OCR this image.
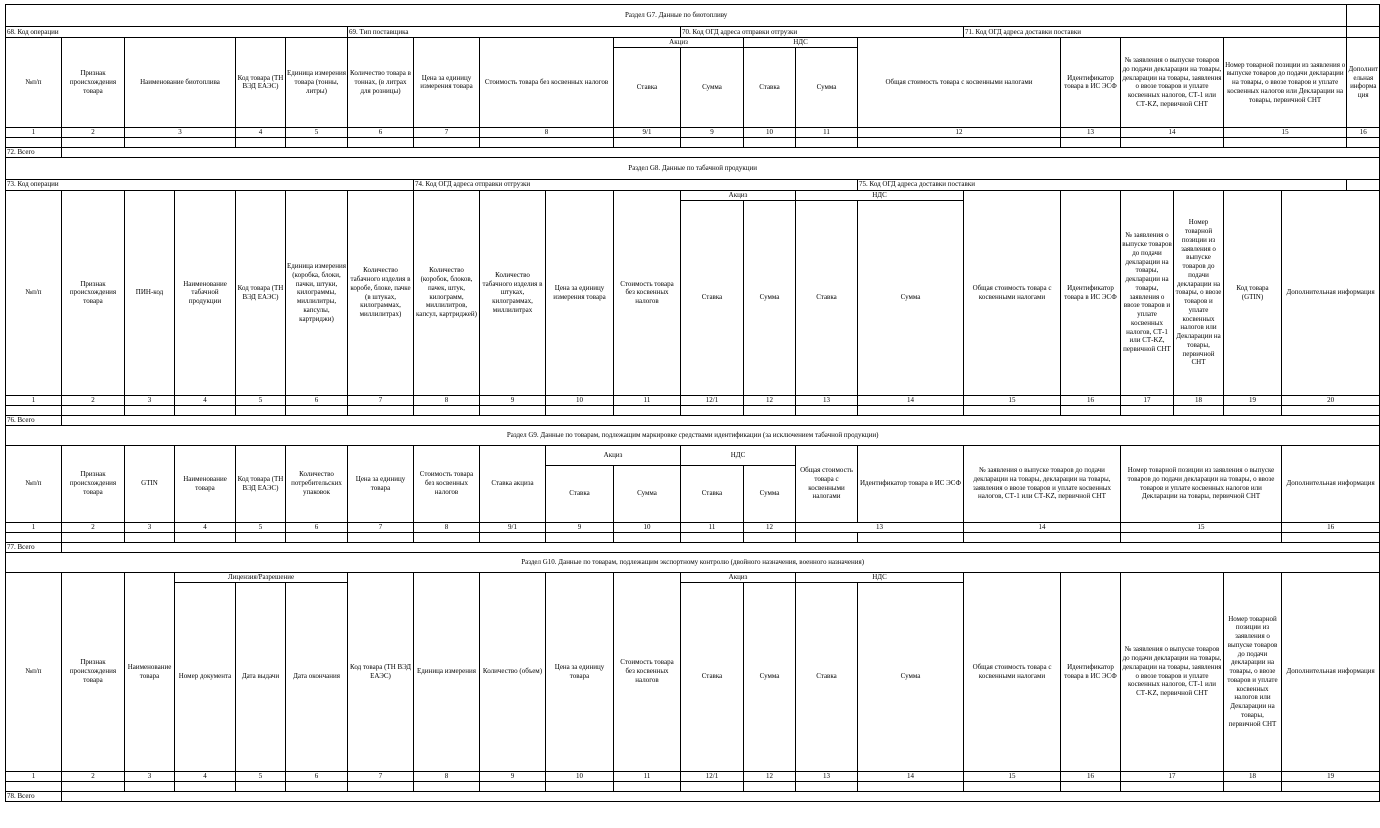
Раздел G7. Данные по биотопливу																					
68. Код операции						69. Тип поставщика					70. Код ОГД адреса отправки отгрузки				71. Код ОГД адреса доставки поставки						
№п/п	Признак происхождения товара	Наименование биотоплива		Код товара (ТН ВЭД ЕАЭС)	Единица измерения товара (тонны, литры)	Количество товара в тоннах, (в литрах для розницы)	Цена за единицу измерения товара	Стоимость товара без косвенных налогов		Акциз		НДС		Общая стоимость товара с косвенными налогами		Идентификатор товара в ИС ЭСФ	№ заявления о выпуске товаров до подачи декларации на товары, декларации на товары, заявления о ввозе товаров и уплате косвенных налогов, СТ-1 или СТ-KZ, первичной СНТ		Номер товарной позиции из заявления о выпуске товаров до подачи декларации на товары, о ввозе товаров и уплате косвенных налогов или Декларации на товары, первичной СНТ		Дополнительная информация
										Ставка	Сумма	Ставка	Сумма								
1	2	3		4	5	6	7	8		9/1	9	10	11	12		13	14		15		16

72. Всего																					
Раздел G8. Данные по табачной продукции																					
73. Код операции							74. Код ОГД адреса отправки отгрузки							75. Код ОГД адреса доставки поставки							
№п/п	Признак происхождения товара	ПИН-код	Наименование табачной продукции	Код товара (ТН ВЭД ЕАЭС)	Единица измерения (коробка, блоки, пачки, штуки, килограммы, миллилитры, капсулы, картриджи)	Количество табачного изделия в коробе, блоке, пачке (в штуках, килограммах, миллилитрах)	Количество (коробок, блоков, пачек, штук, килограмм, миллилитров, капсул, картриджей)	Количество табачного изделия в штуках, килограммах, миллилитрах	Цена за единицу измерения товара	Стоимость товара без косвенных налогов	Акциз		НДС		Общая стоимость товара с косвенными налогами	Идентификатор товара в ИС ЭСФ	№ заявления о выпуске товаров до подачи декларации на товары, декларации на товары, заявления о ввозе товаров и уплате косвенных налогов, СТ-1 или СТ-KZ, первичной СНТ	Номер товарной позиции из заявления о выпуске товаров до подачи декларации на товары, о ввозе товаров и уплате косвенных налогов или Декларации на товары, первичной СНТ	Код товара (GTIN)	Дополнительная информация	
											Ставка	Сумма	Ставка	Сумма							
1	2	3	4	5	6	7	8	9	10	11	12/1	12	13	14	15	16	17	18	19	20	

76. Всего																					
Раздел G9. Данные по товарам, подлежащим маркировке средствами идентификации (за исключением табачной продукции)																					
№п/п	Признак происхождения товара	GTIN	Наименование товара	Код товара (ТН ВЭД ЕАЭС)	Количество потребительских упаковок	Цена за единицу товара	Стоимость товара без косвенных налогов	Ставка акциза	Акциз		НДС		Общая стоимость товара с косвенными налогами	Идентификатор товара в ИС ЭСФ	№ заявления о выпуске товаров до подачи декларации на товары, декларации на товары, заявления о ввозе товаров и уплате косвенных налогов, СТ-1 или СТ-KZ, первичной СНТ		Номер товарной позиции из заявления о выпуске товаров до подачи декларации на товары, о ввозе товаров и уплате косвенных налогов или Декларации на товары, первичной СНТ			Дополнительная информация	
									Ставка	Сумма	Ставка	Сумма									
1	2	3	4	5	6	7	8	9/1	9	10	11	12	13		14		15			16	

77. Всего																					
Раздел G10. Данные по товарам, подлежащим экспортному контролю (двойного назначения, военного назначения)																					
№п/п	Признак происхождения товара	Наименование товара	Лицензия/Разрешение			Код товара (ТН ВЭД ЕАЭС)	Единица измерения	Количество (объем)	Цена за единицу товара	Стоимость товара без косвенных налогов	Акциз		НДС		Общая стоимость товара с косвенными налогами	Идентификатор товара в ИС ЭСФ	№ заявления о выпуске товаров до подачи декларации на товары, декларации на товары, заявления о ввозе товаров и уплате косвенных налогов, СТ-1 или СТ-KZ, первичной СНТ		Номер товарной позиции из заявления о выпуске товаров до подачи декларации на товары, о ввозе товаров и уплате косвенных налогов или Декларации на товары, первичной СНТ	Дополнительная информация	
			Номер документа	Дата выдачи	Дата окончания						Ставка	Сумма	Ставка	Сумма							
1	2	3	4	5	6	7	8	9	10	11	12/1	12	13	14	15	16	17		18	19	

78. Всего																					
